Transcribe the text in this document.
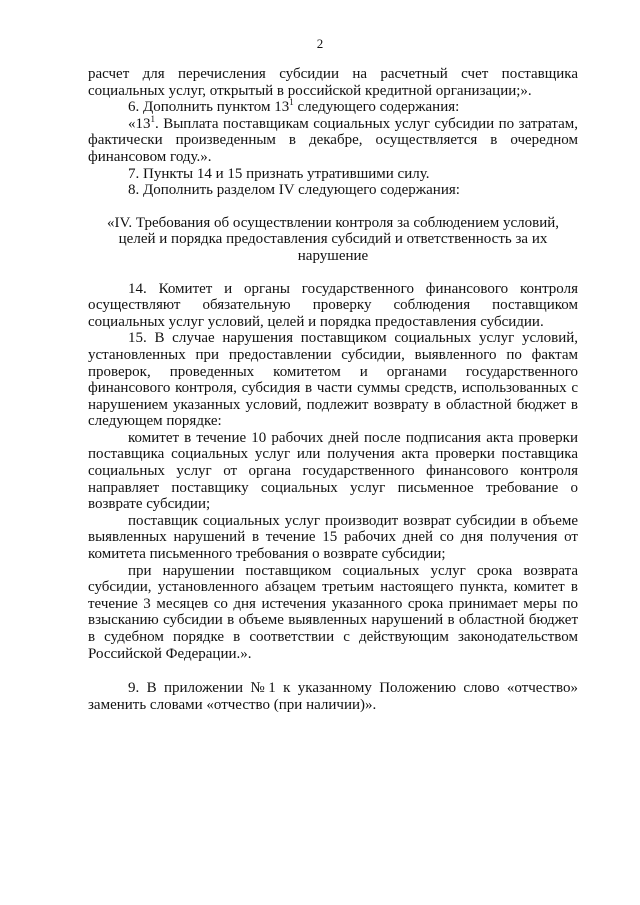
2

расчет для перечисления субсидии на расчетный счет поставщика социальных услуг, открытый в российской кредитной организации;».

6. Дополнить пунктом $13^1$ следующего содержания:

«$13^1$. Выплата поставщикам социальных услуг субсидии по затратам, фактически произведенным в декабре, осуществляется в очередном финансовом году.».

7. Пункты 14 и 15 признать утратившими силу.

8. Дополнить разделом IV следующего содержания:

«IV. Требования об осуществлении контроля за соблюдением условий, целей и порядка предоставления субсидий и ответственность за их нарушение

14. Комитет и органы государственного финансового контроля осуществляют обязательную проверку соблюдения поставщиком социальных услуг условий, целей и порядка предоставления субсидии.

15. В случае нарушения поставщиком социальных услуг условий, установленных при предоставлении субсидии, выявленного по фактам проверок, проведенных комитетом и органами государственного финансового контроля, субсидия в части суммы средств, использованных с нарушением указанных условий, подлежит возврату в областной бюджет в следующем порядке:

комитет в течение 10 рабочих дней после подписания акта проверки поставщика социальных услуг или получения акта проверки поставщика социальных услуг от органа государственного финансового контроля направляет поставщику социальных услуг письменное требование о возврате субсидии;

поставщик социальных услуг производит возврат субсидии в объеме выявленных нарушений в течение 15 рабочих дней со дня получения от комитета письменного требования о возврате субсидии;

при нарушении поставщиком социальных услуг срока возврата субсидии, установленного абзацем третьим настоящего пункта, комитет в течение 3 месяцев со дня истечения указанного срока принимает меры по взысканию субсидии в объеме выявленных нарушений в областной бюджет в судебном порядке в соответствии с действующим законодательством Российской Федерации.».

9. В приложении №1 к указанному Положению слово «отчество» заменить словами «отчество (при наличии)».
